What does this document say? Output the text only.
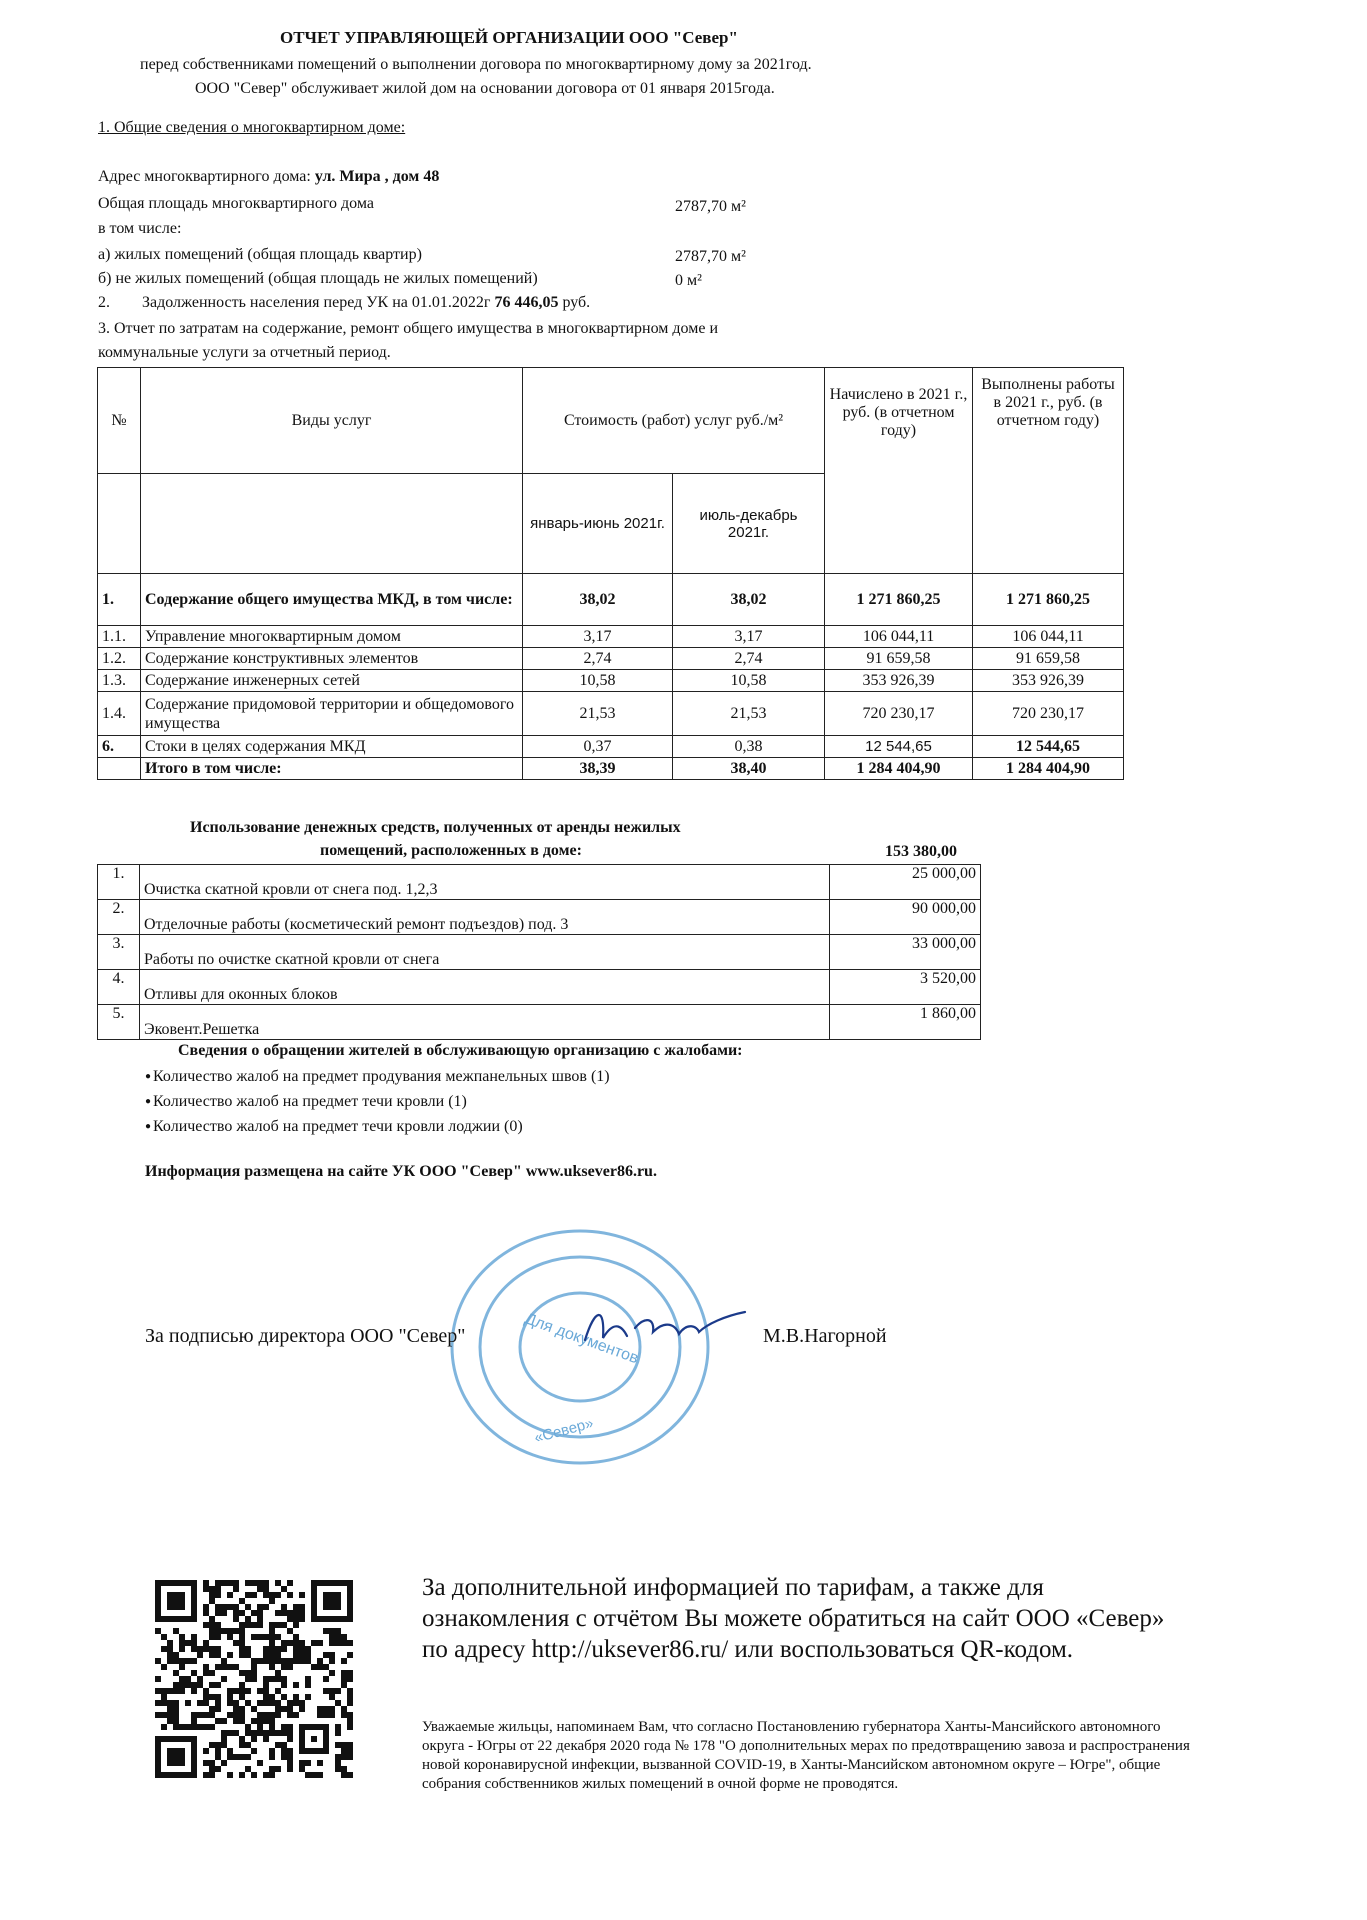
ОТЧЕТ УПРАВЛЯЮЩЕЙ ОРГАНИЗАЦИИ ООО "Север"
перед собственниками помещений о выполнении договора по многоквартирному дому за 2021год.
ООО "Север" обслуживает жилой дом на основании договора от 01 января 2015года.
1. Общие сведения о многоквартирном доме:
Адрес многоквартирного дома: ул. Мира , дом 48
Общая площадь многоквартирного дома	2787,70 м²
в том числе:
а) жилых помещений (общая площадь квартир)	2787,70 м²
б) не жилых помещений (общая площадь не жилых помещений)	0 м²
2. Задолженность населения перед УК на 01.01.2022г 76 446,05 руб.
3. Отчет по затратам на содержание, ремонт общего имущества в многоквартирном доме и
коммунальные услуги за отчетный период.
№	Виды услуг	Стоимость (работ) услуг руб./м²		Начислено в 2021 г., руб. (в отчетном году)	Выполнены работы в 2021 г., руб. (в отчетном году)
		январь-июнь 2021г.	июль-декабрь 2021г.		
1.	Содержание общего имущества МКД, в том числе:	38,02	38,02	1 271 860,25	1 271 860,25
1.1.	Управление многоквартирным домом	3,17	3,17	106 044,11	106 044,11
1.2.	Содержание конструктивных элементов	2,74	2,74	91 659,58	91 659,58
1.3.	Содержание инженерных сетей	10,58	10,58	353 926,39	353 926,39
1.4.	Содержание придомовой территории и общедомового имущества	21,53	21,53	720 230,17	720 230,17
6.	Стоки в целях содержания МКД	0,37	0,38	12 544,65	12 544,65
	Итого в том числе:	38,39	38,40	1 284 404,90	1 284 404,90
Использование денежных средств, полученных от аренды нежилых
помещений, расположенных в доме:	153 380,00
1.	Очистка скатной кровли от снега под. 1,2,3	25 000,00
2.	Отделочные работы (косметический ремонт подъездов) под. 3	90 000,00
3.	Работы по очистке скатной кровли от снега	33 000,00
4.	Отливы для оконных блоков	3 520,00
5.	Эковент.Решетка	1 860,00
Сведения о обращении жителей в обслуживающую организацию с жалобами:
● Количество жалоб на предмет продувания межпанельных швов (1)
● Количество жалоб на предмет течи кровли (1)
● Количество жалоб на предмет течи кровли лоджии (0)
Информация размещена на сайте УК ООО "Север" www.uksever86.ru.
Для документов
«Север»
За подписью директора ООО "Север"	М.В.Нагорной
За дополнительной информацией по тарифам, а также для ознакомления с отчётом Вы можете обратиться на сайт ООО «Север» по адресу http://uksever86.ru/ или воспользоваться QR-кодом.
Уважаемые жильцы, напоминаем Вам, что согласно Постановлению губернатора Ханты-Мансийского автономного округа - Югры от 22 декабря 2020 года № 178 "О дополнительных мерах по предотвращению завоза и распространения новой коронавирусной инфекции, вызванной COVID-19, в Ханты-Мансийском автономном округе – Югре", общие собрания собственников жилых помещений в очной форме не проводятся.
